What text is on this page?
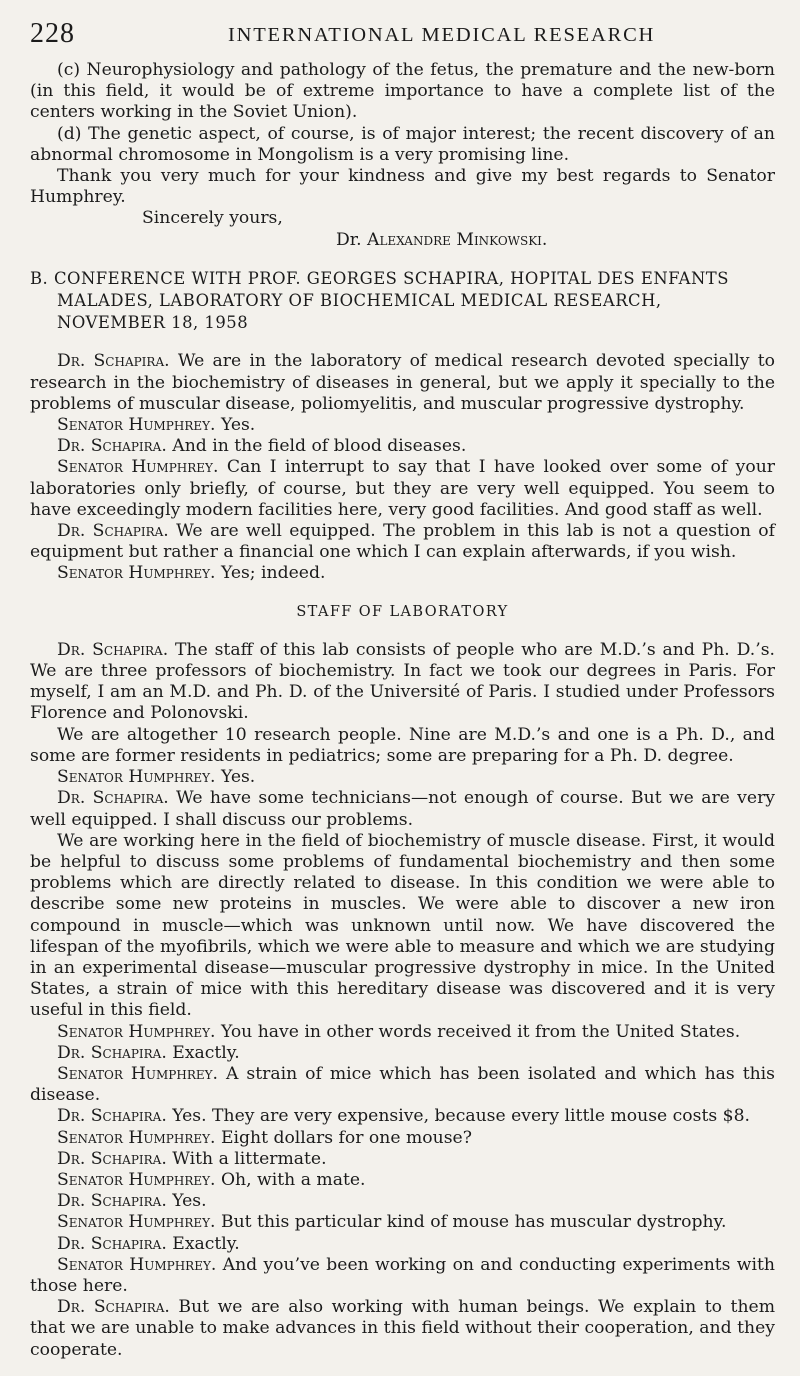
228	INTERNATIONAL MEDICAL RESEARCH

(c) Neurophysiology and pathology of the fetus, the premature and the new-born (in this field, it would be of extreme importance to have a complete list of the centers working in the Soviet Union).

(d) The genetic aspect, of course, is of major interest; the recent discovery of an abnormal chromosome in Mongolism is a very promising line.

Thank you very much for your kindness and give my best regards to Senator Humphrey.

Sincerely yours,

Dr. Alexandre Minkowski.

B. CONFERENCE WITH PROF. GEORGES SCHAPIRA, HOPITAL DES ENFANTS MALADES, LABORATORY OF BIOCHEMICAL MEDICAL RESEARCH, NOVEMBER 18, 1958

Dr. Schapira. We are in the laboratory of medical research devoted specially to research in the biochemistry of diseases in general, but we apply it specially to the problems of muscular disease, poliomyelitis, and muscular progressive dystrophy.

Senator Humphrey. Yes.

Dr. Schapira. And in the field of blood diseases.

Senator Humphrey. Can I interrupt to say that I have looked over some of your laboratories only briefly, of course, but they are very well equipped. You seem to have exceedingly modern facilities here, very good facilities. And good staff as well.

Dr. Schapira. We are well equipped. The problem in this lab is not a question of equipment but rather a financial one which I can explain afterwards, if you wish.

Senator Humphrey. Yes; indeed.

STAFF OF LABORATORY

Dr. Schapira. The staff of this lab consists of people who are M.D.’s and Ph. D.’s. We are three professors of biochemistry. In fact we took our degrees in Paris. For myself, I am an M.D. and Ph. D. of the Université of Paris. I studied under Professors Florence and Polonovski.

We are altogether 10 research people. Nine are M.D.’s and one is a Ph. D., and some are former residents in pediatrics; some are preparing for a Ph. D. degree.

Senator Humphrey. Yes.

Dr. Schapira. We have some technicians—not enough of course. But we are very well equipped. I shall discuss our problems.

We are working here in the field of biochemistry of muscle disease. First, it would be helpful to discuss some problems of fundamental biochemistry and then some problems which are directly related to disease. In this condition we were able to describe some new proteins in muscles. We were able to discover a new iron compound in muscle—which was unknown until now. We have discovered the lifespan of the myofibrils, which we were able to measure and which we are studying in an experimental disease—muscular progressive dystrophy in mice. In the United States, a strain of mice with this hereditary disease was discovered and it is very useful in this field.

Senator Humphrey. You have in other words received it from the United States.

Dr. Schapira. Exactly.

Senator Humphrey. A strain of mice which has been isolated and which has this disease.

Dr. Schapira. Yes. They are very expensive, because every little mouse costs $8.

Senator Humphrey. Eight dollars for one mouse?

Dr. Schapira. With a littermate.

Senator Humphrey. Oh, with a mate.

Dr. Schapira. Yes.

Senator Humphrey. But this particular kind of mouse has muscular dystrophy.

Dr. Schapira. Exactly.

Senator Humphrey. And you’ve been working on and conducting experiments with those here.

Dr. Schapira. But we are also working with human beings. We explain to them that we are unable to make advances in this field without their cooperation, and they cooperate.
